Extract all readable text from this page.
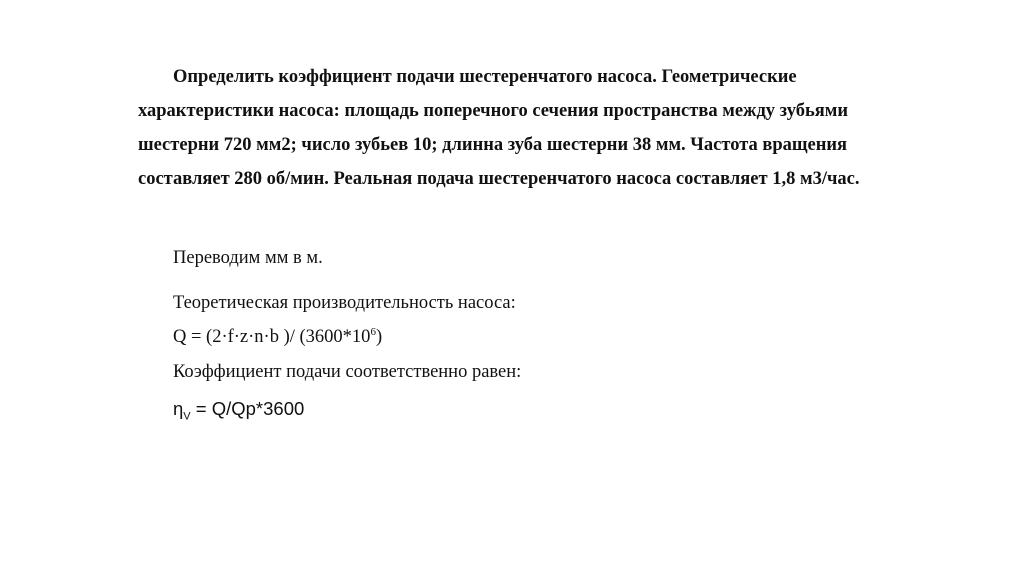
Определить коэффициент подачи шестеренчатого насоса. Геометрические характеристики насоса: площадь поперечного сечения пространства между зубьями шестерни 720 мм2; число зубьев 10; длинна зуба шестерни 38 мм. Частота вращения составляет 280 об/мин. Реальная подача шестеренчатого насоса составляет 1,8 м3/час.

Переводим мм в м.

Теоретическая производительность насоса:

Q = (2·f·z·n·b )/ $(3600*10^6)$

Коэффициент подачи соответственно равен:

$\eta_V = Q/Qp*3600$
